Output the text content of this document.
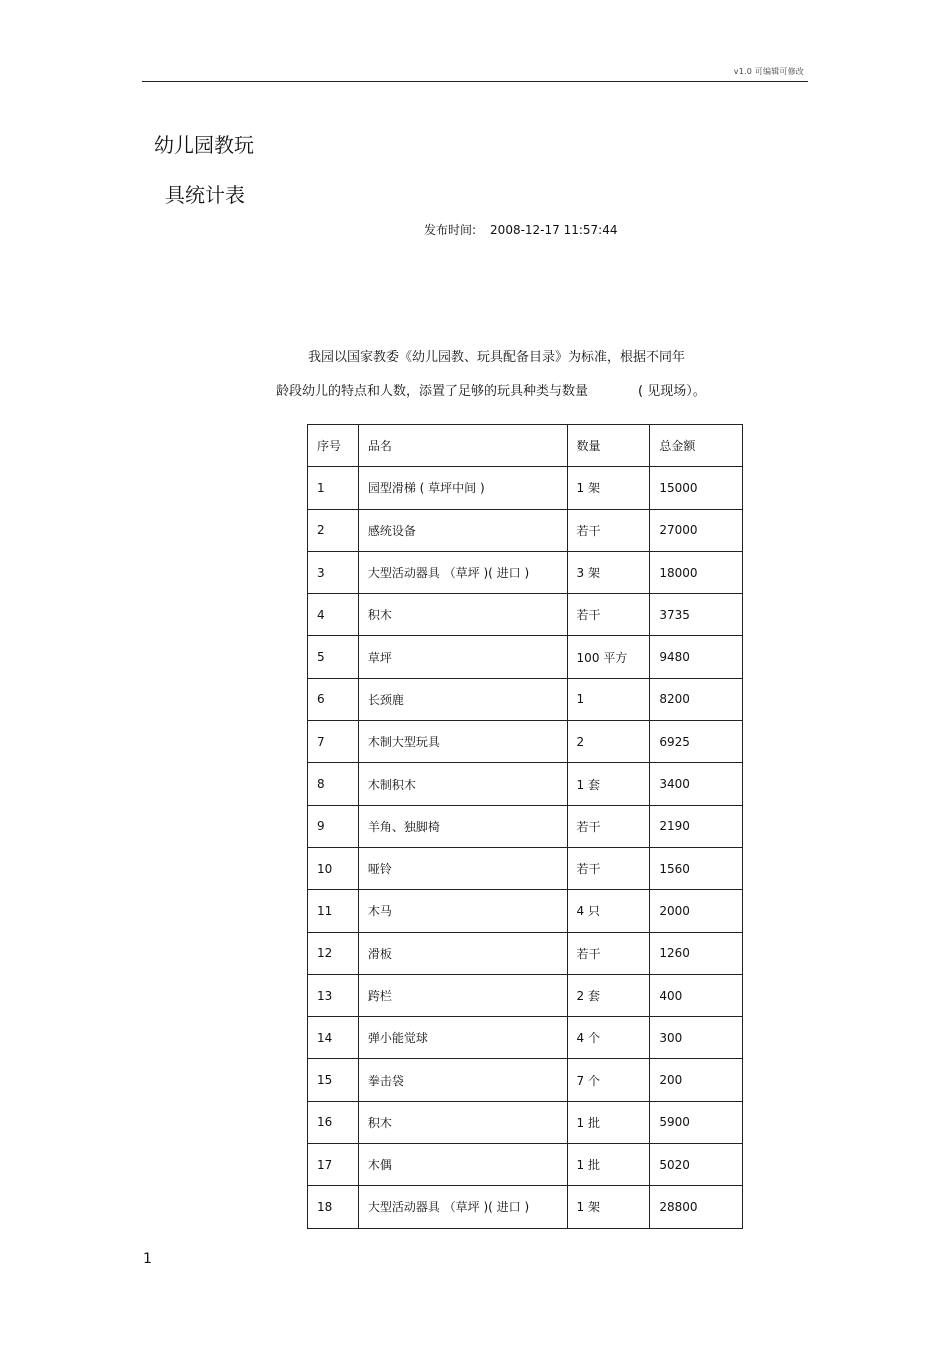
v1.0 可编辑可修改
幼儿园教玩
具统计表
发布时间: 2008-12-17 11:57:44
我园以国家教委《幼儿园教、玩具配备目录》为标准，根据不同年
龄段幼儿的特点和人数，添置了足够的玩具种类与数量	( 见现场）。
序号	品名	数量	总金额
1	园型滑梯 ( 草坪中间 )	1 架	15000
2	感统设备	若干	27000
3	大型活动器具 （草坪 )( 进口 )	3 架	18000
4	积木	若干	3735
5	草坪	100 平方	9480
6	长颈鹿	1	8200
7	木制大型玩具	2	6925
8	木制积木	1 套	3400
9	羊角、独脚椅	若干	2190
10	哑铃	若干	1560
11	木马	4 只	2000
12	滑板	若干	1260
13	跨栏	2 套	400
14	弹小能觉球	4 个	300
15	拳击袋	7 个	200
16	积木	1 批	5900
17	木偶	1 批	5020
18	大型活动器具 （草坪 )( 进口 )	1 架	28800
1
